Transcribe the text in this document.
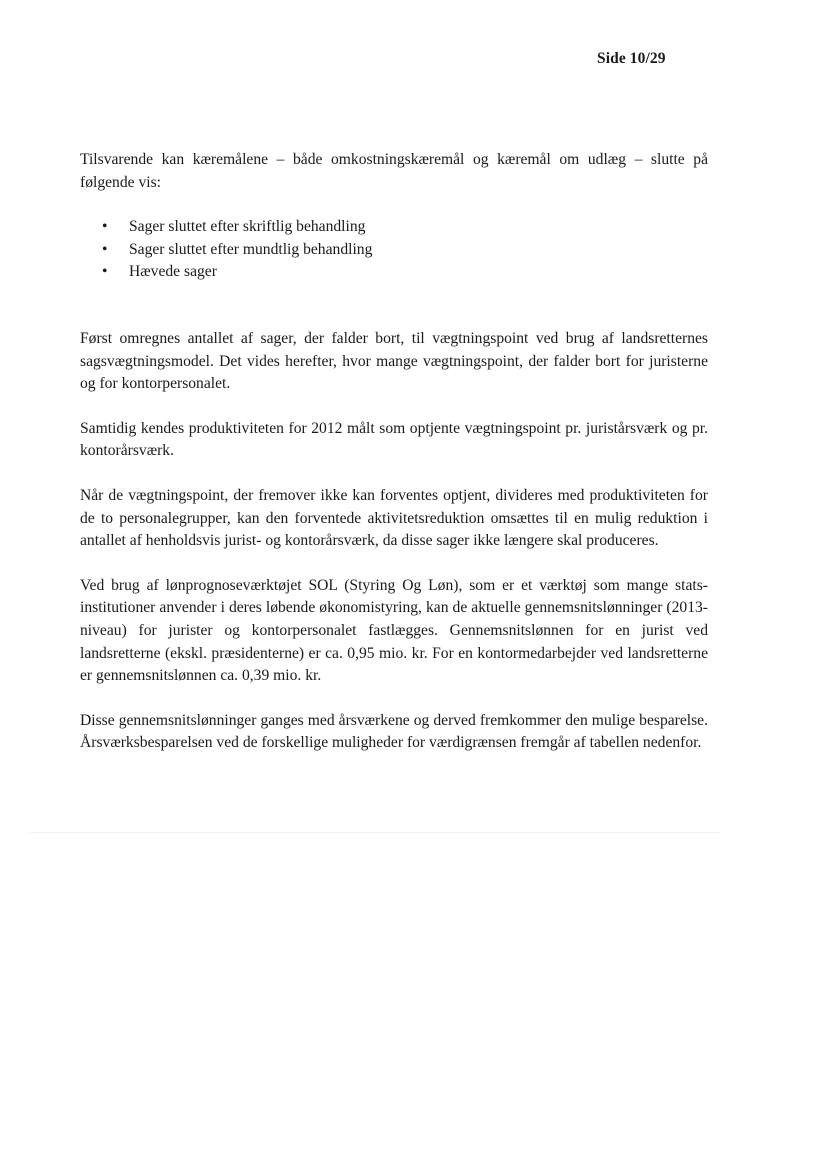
Side 10/29

Tilsvarende kan kæremålene – både omkostningskæremål og kæremål om udlæg – slutte på følgende vis:

• Sager sluttet efter skriftlig behandling
• Sager sluttet efter mundtlig behandling
• Hævede sager

Først omregnes antallet af sager, der falder bort, til vægtningspoint ved brug af landsretternes sagsvægtningsmodel. Det vides herefter, hvor mange vægtningspoint, der falder bort for juristerne og for kontorpersonalet.

Samtidig kendes produktiviteten for 2012 målt som optjente vægtningspoint pr. juristårsværk og pr. kontorårsværk.

Når de vægtningspoint, der fremover ikke kan forventes optjent, divideres med produktiviteten for de to personalegrupper, kan den forventede aktivitetsreduktion omsættes til en mulig reduktion i antallet af henholdsvis jurist- og kontorårsværk, da disse sager ikke længere skal produceres.

Ved brug af lønprognoseværktøjet SOL (Styring Og Løn), som er et værktøj som mange statsinstitutioner anvender i deres løbende økonomistyring, kan de aktuelle gennemsnitslønninger (2013-niveau) for jurister og kontorpersonalet fastlægges. Gennemsnitslønnen for en jurist ved landsretterne (ekskl. præsidenterne) er ca. 0,95 mio. kr. For en kontormedarbejder ved landsretterne er gennemsnitslønnen ca. 0,39 mio. kr.

Disse gennemsnitslønninger ganges med årsværkene og derved fremkommer den mulige besparelse. Årsværksbesparelsen ved de forskellige muligheder for værdigrænsen fremgår af tabellen nedenfor.
